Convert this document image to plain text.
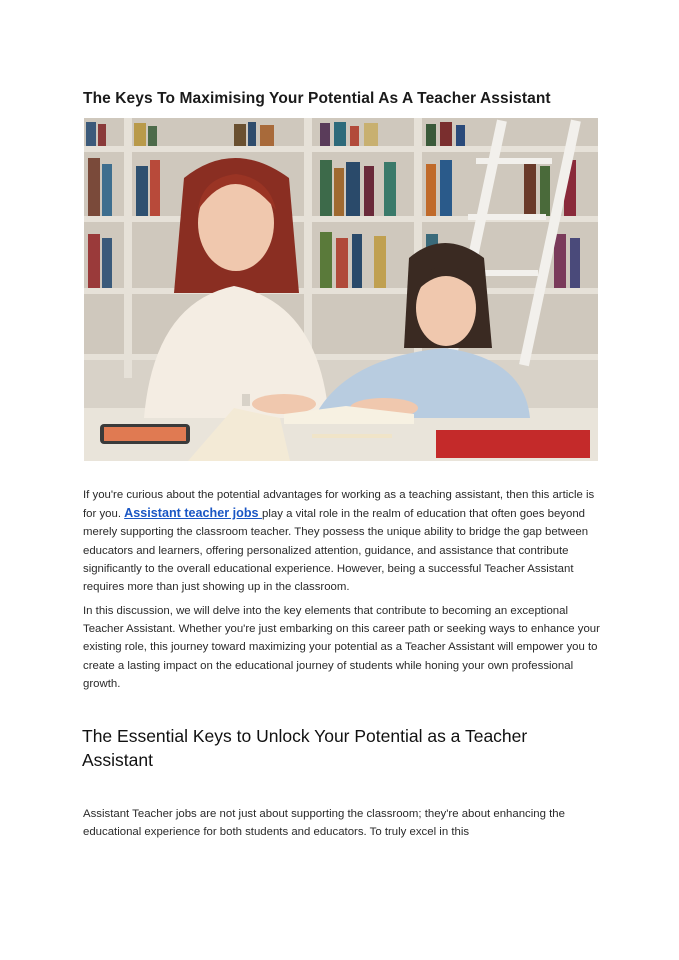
The Keys To Maximising Your Potential As A Teacher Assistant

If you're curious about the potential advantages for working as a teaching assistant, then this article is for you. Assistant teacher jobs play a vital role in the realm of education that often goes beyond merely supporting the classroom teacher. They possess the unique ability to bridge the gap between educators and learners, offering personalized attention, guidance, and assistance that contribute significantly to the overall educational experience. However, being a successful Teacher Assistant requires more than just showing up in the classroom.

In this discussion, we will delve into the key elements that contribute to becoming an exceptional Teacher Assistant. Whether you're just embarking on this career path or seeking ways to enhance your existing role, this journey toward maximizing your potential as a Teacher Assistant will empower you to create a lasting impact on the educational journey of students while honing your own professional growth.

The Essential Keys to Unlock Your Potential as a Teacher Assistant

Assistant Teacher jobs are not just about supporting the classroom; they're about enhancing the educational experience for both students and educators. To truly excel in this
